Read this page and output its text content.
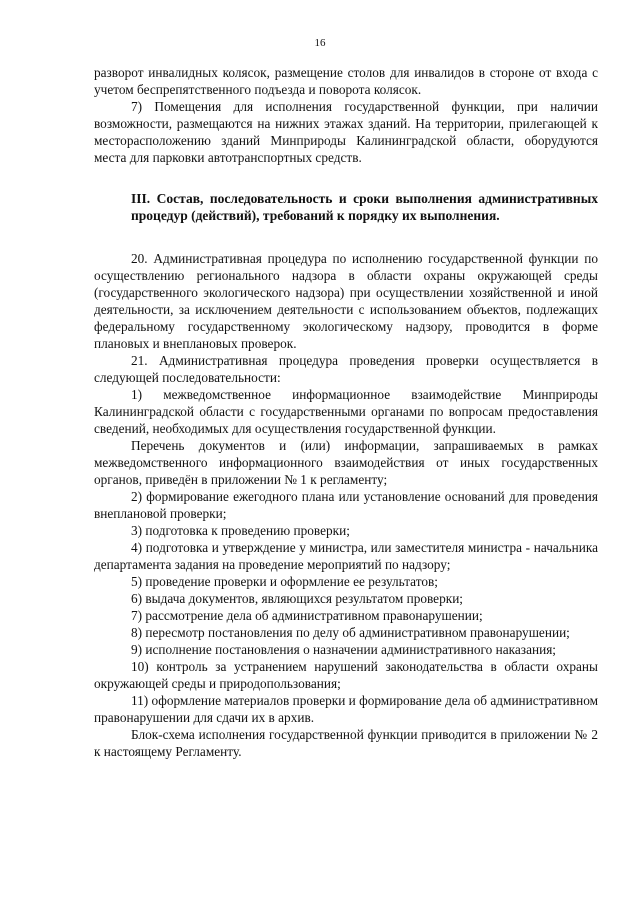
16

разворот инвалидных колясок, размещение столов для инвалидов в стороне от входа с учетом беспрепятственного подъезда и поворота колясок.

7) Помещения для исполнения государственной функции, при наличии возможности, размещаются на нижних этажах зданий. На территории, прилегающей к месторасположению зданий Минприроды Калининградской области, оборудуются места для парковки автотранспортных средств.

III. Состав, последовательность и сроки выполнения административных процедур (действий), требований к порядку их выполнения.

20. Административная процедура по исполнению государственной функции по осуществлению регионального надзора в области охраны окружающей среды (государственного экологического надзора) при осуществлении хозяйственной и иной деятельности, за исключением деятельности с использованием объектов, подлежащих федеральному государственному экологическому надзору, проводится в форме плановых и внеплановых проверок.

21. Административная процедура проведения проверки осуществляется в следующей последовательности:

1) межведомственное информационное взаимодействие Минприроды Калининградской области с государственными органами по вопросам предоставления сведений, необходимых для осуществления государственной функции.

Перечень документов и (или) информации, запрашиваемых в рамках межведомственного информационного взаимодействия от иных государственных органов, приведён в приложении № 1 к регламенту;

2) формирование ежегодного плана или установление оснований для проведения внеплановой проверки;

3) подготовка к проведению проверки;

4) подготовка и утверждение у министра, или заместителя министра - начальника департамента задания на проведение мероприятий по надзору;

5) проведение проверки и оформление ее результатов;

6) выдача документов, являющихся результатом проверки;

7) рассмотрение дела об административном правонарушении;

8) пересмотр постановления по делу об административном правонарушении;

9) исполнение постановления о назначении административного наказания;

10) контроль за устранением нарушений законодательства в области охраны окружающей среды и природопользования;

11) оформление материалов проверки и формирование дела об административном правонарушении для сдачи их в архив.

Блок-схема исполнения государственной функции приводится в приложении № 2 к настоящему Регламенту.
